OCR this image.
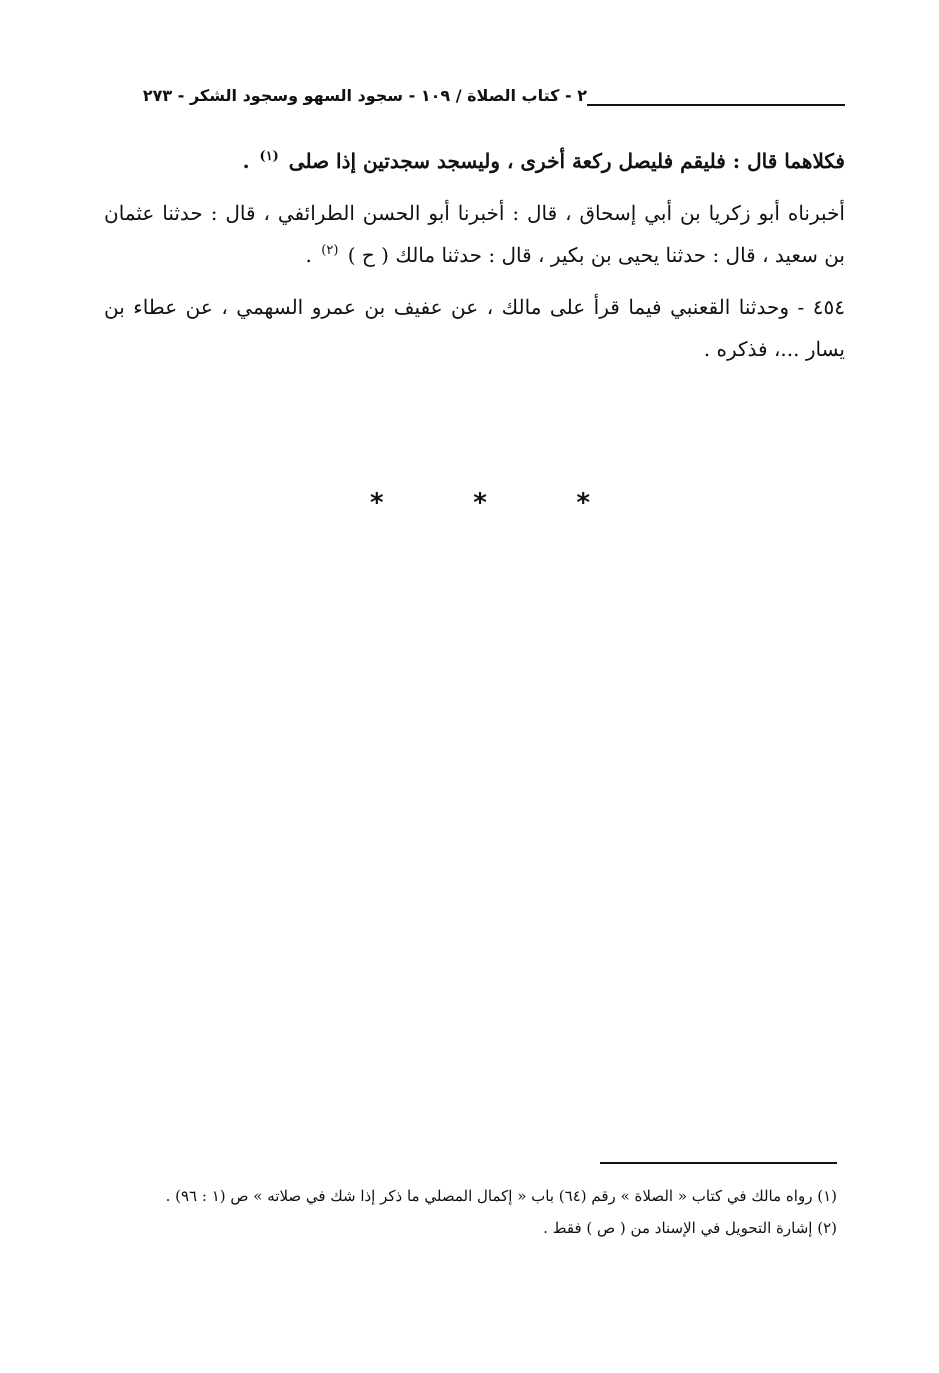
٢ - كتاب الصلاة / ١٠٩ - سجود السهو وسجود الشكر - ٢٧٣

فكلاهما قال : فليقم فليصل ركعة أخرى ، وليسجد سجدتين إذا صلى $^{(١)}$ .

أخبرناه أبو زكريا بن أبي إسحاق ، قال : أخبرنا أبو الحسن الطرائفي ، قال : حدثنا عثمان بن سعيد ، قال : حدثنا يحيى بن بكير ، قال : حدثنا مالك ( ح ) $^{(٢)}$ .

٤٥٤ - وحدثنا القعنبي فيما قرأ على مالك ، عن عفيف بن عمرو السهمي ، عن عطاء بن يسار ...، فذكره .

*	*	*

(١) رواه مالك في كتاب « الصلاة » رقم (٦٤) باب « إكمال المصلي ما ذكر إذا شك في صلاته » ص (١ : ٩٦) .

(٢) إشارة التحويل في الإسناد من ( ص ) فقط .
